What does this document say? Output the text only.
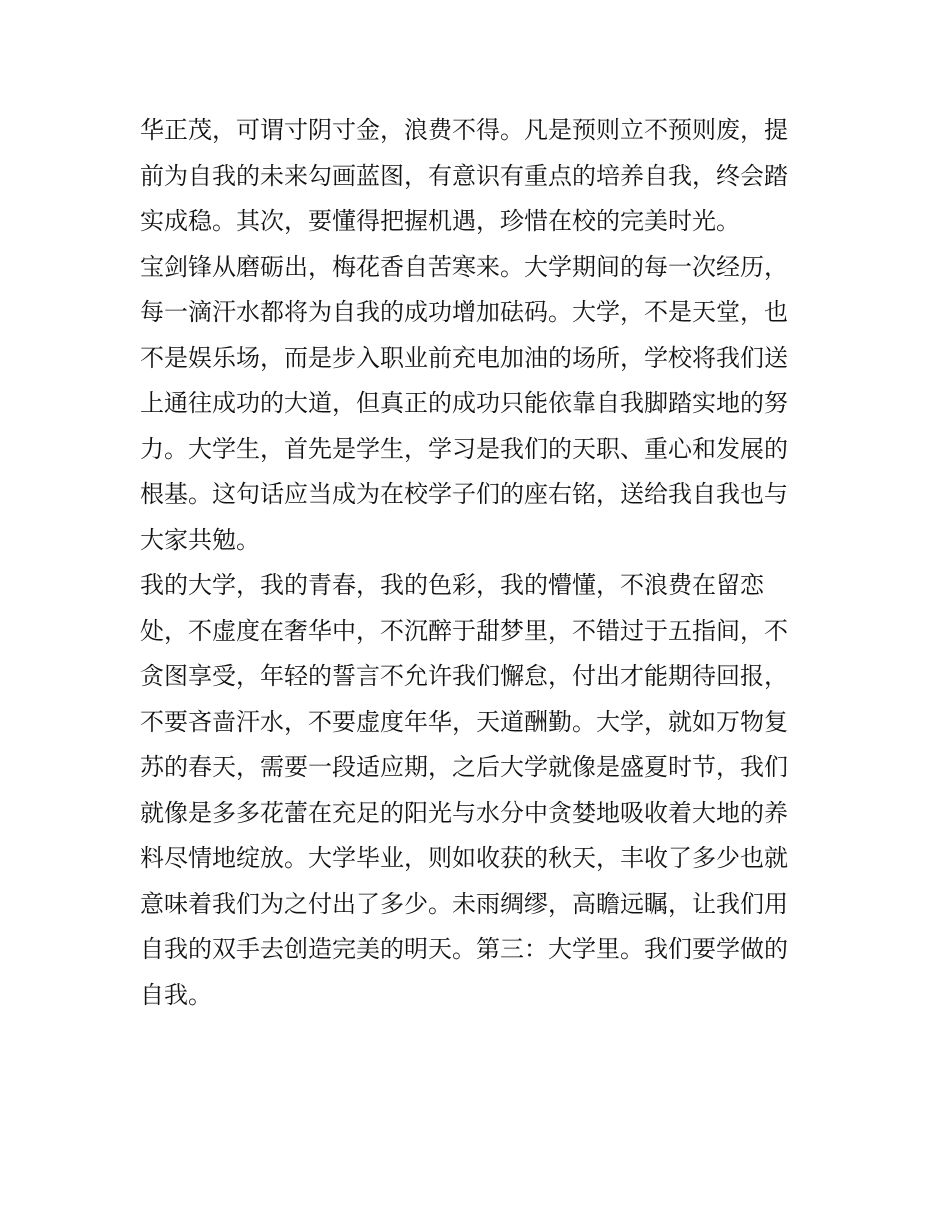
华正茂，可谓寸阴寸金，浪费不得。凡是预则立不预则废，提
前为自我的未来勾画蓝图，有意识有重点的培养自我，终会踏
实成稳。其次，要懂得把握机遇，珍惜在校的完美时光。
宝剑锋从磨砺出，梅花香自苦寒来。大学期间的每一次经历，
每一滴汗水都将为自我的成功增加砝码。大学，不是天堂，也
不是娱乐场，而是步入职业前充电加油的场所，学校将我们送
上通往成功的大道，但真正的成功只能依靠自我脚踏实地的努
力。大学生，首先是学生，学习是我们的天职、重心和发展的
根基。这句话应当成为在校学子们的座右铭，送给我自我也与
大家共勉。
我的大学，我的青春，我的色彩，我的懵懂，不浪费在留恋
处，不虚度在奢华中，不沉醉于甜梦里，不错过于五指间，不
贪图享受，年轻的誓言不允许我们懈怠，付出才能期待回报，
不要吝啬汗水，不要虚度年华，天道酬勤。大学，就如万物复
苏的春天，需要一段适应期，之后大学就像是盛夏时节，我们
就像是多多花蕾在充足的阳光与水分中贪婪地吸收着大地的养
料尽情地绽放。大学毕业，则如收获的秋天，丰收了多少也就
意味着我们为之付出了多少。未雨绸缪，高瞻远瞩，让我们用
自我的双手去创造完美的明天。第三：大学里。我们要学做的
自我。
